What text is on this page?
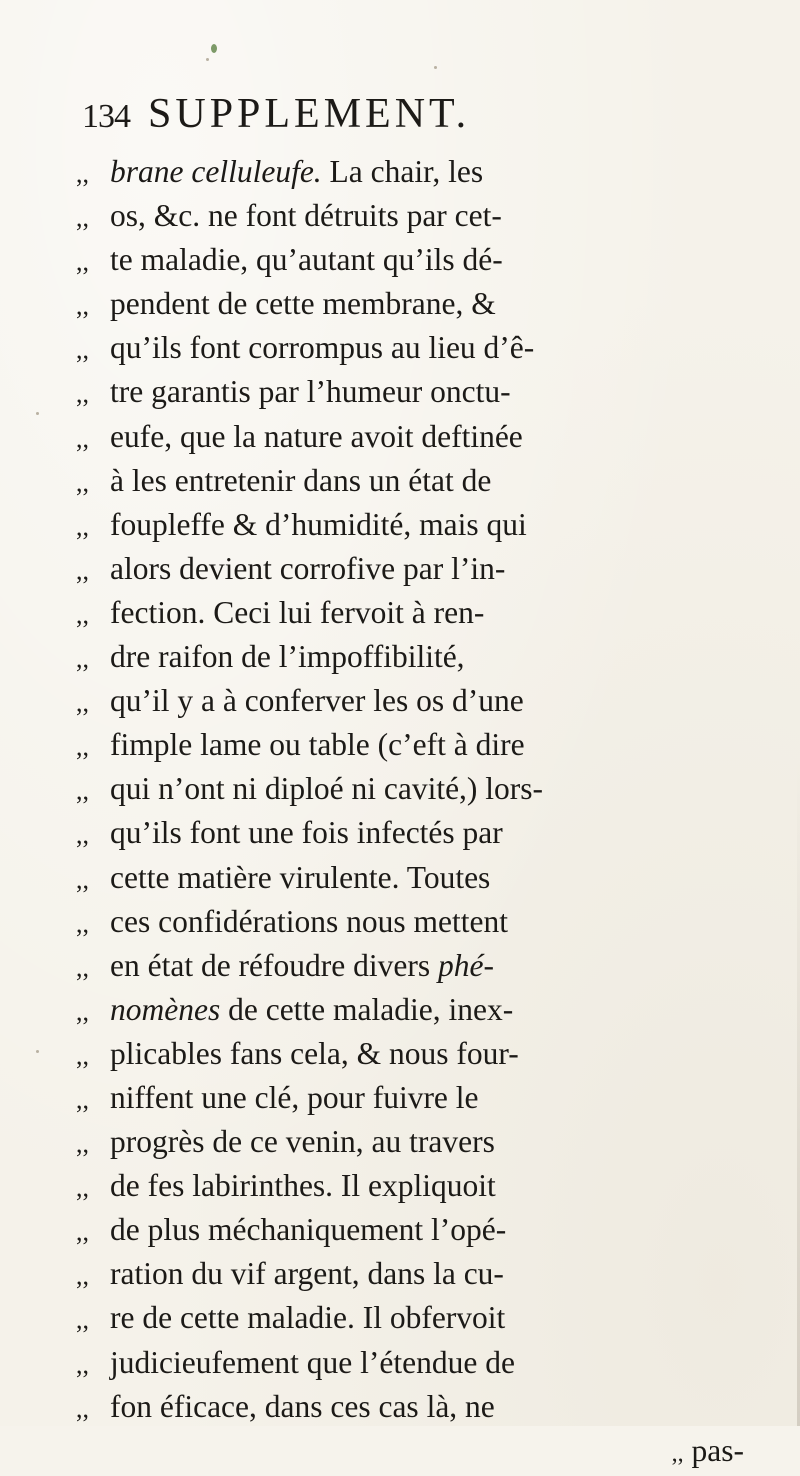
134 SUPPLEMENT.
,, brane celluleufe. La chair, les
,, os, &c. ne font détruits par cet-
,, te maladie, qu’autant qu’ils dé-
,, pendent de cette membrane, &
,, qu’ils font corrompus au lieu d’ê-
,, tre garantis par l’humeur onctu-
,, eufe, que la nature avoit deftinée
,, à les entretenir dans un état de
,, foupleffe & d’humidité, mais qui
,, alors devient corrofive par l’in-
,, fection. Ceci lui fervoit à ren-
,, dre raifon de l’impoffibilité,
,, qu’il y a à conferver les os d’une
,, fimple lame ou table (c’eft à dire
,, qui n’ont ni diploé ni cavité,) lors-
,, qu’ils font une fois infectés par
,, cette matière virulente. Toutes
,, ces confidérations nous mettent
,, en état de réfoudre divers phé-
,, nomènes de cette maladie, inex-
,, plicables fans cela, & nous four-
,, niffent une clé, pour fuivre le
,, progrès de ce venin, au travers
,, de fes labirinthes. Il expliquoit
,, de plus méchaniquement l’opé-
,, ration du vif argent, dans la cu-
,, re de cette maladie. Il obfervoit
,, judicieufement que l’étendue de
,, fon éficace, dans ces cas là, ne
,, pas-
